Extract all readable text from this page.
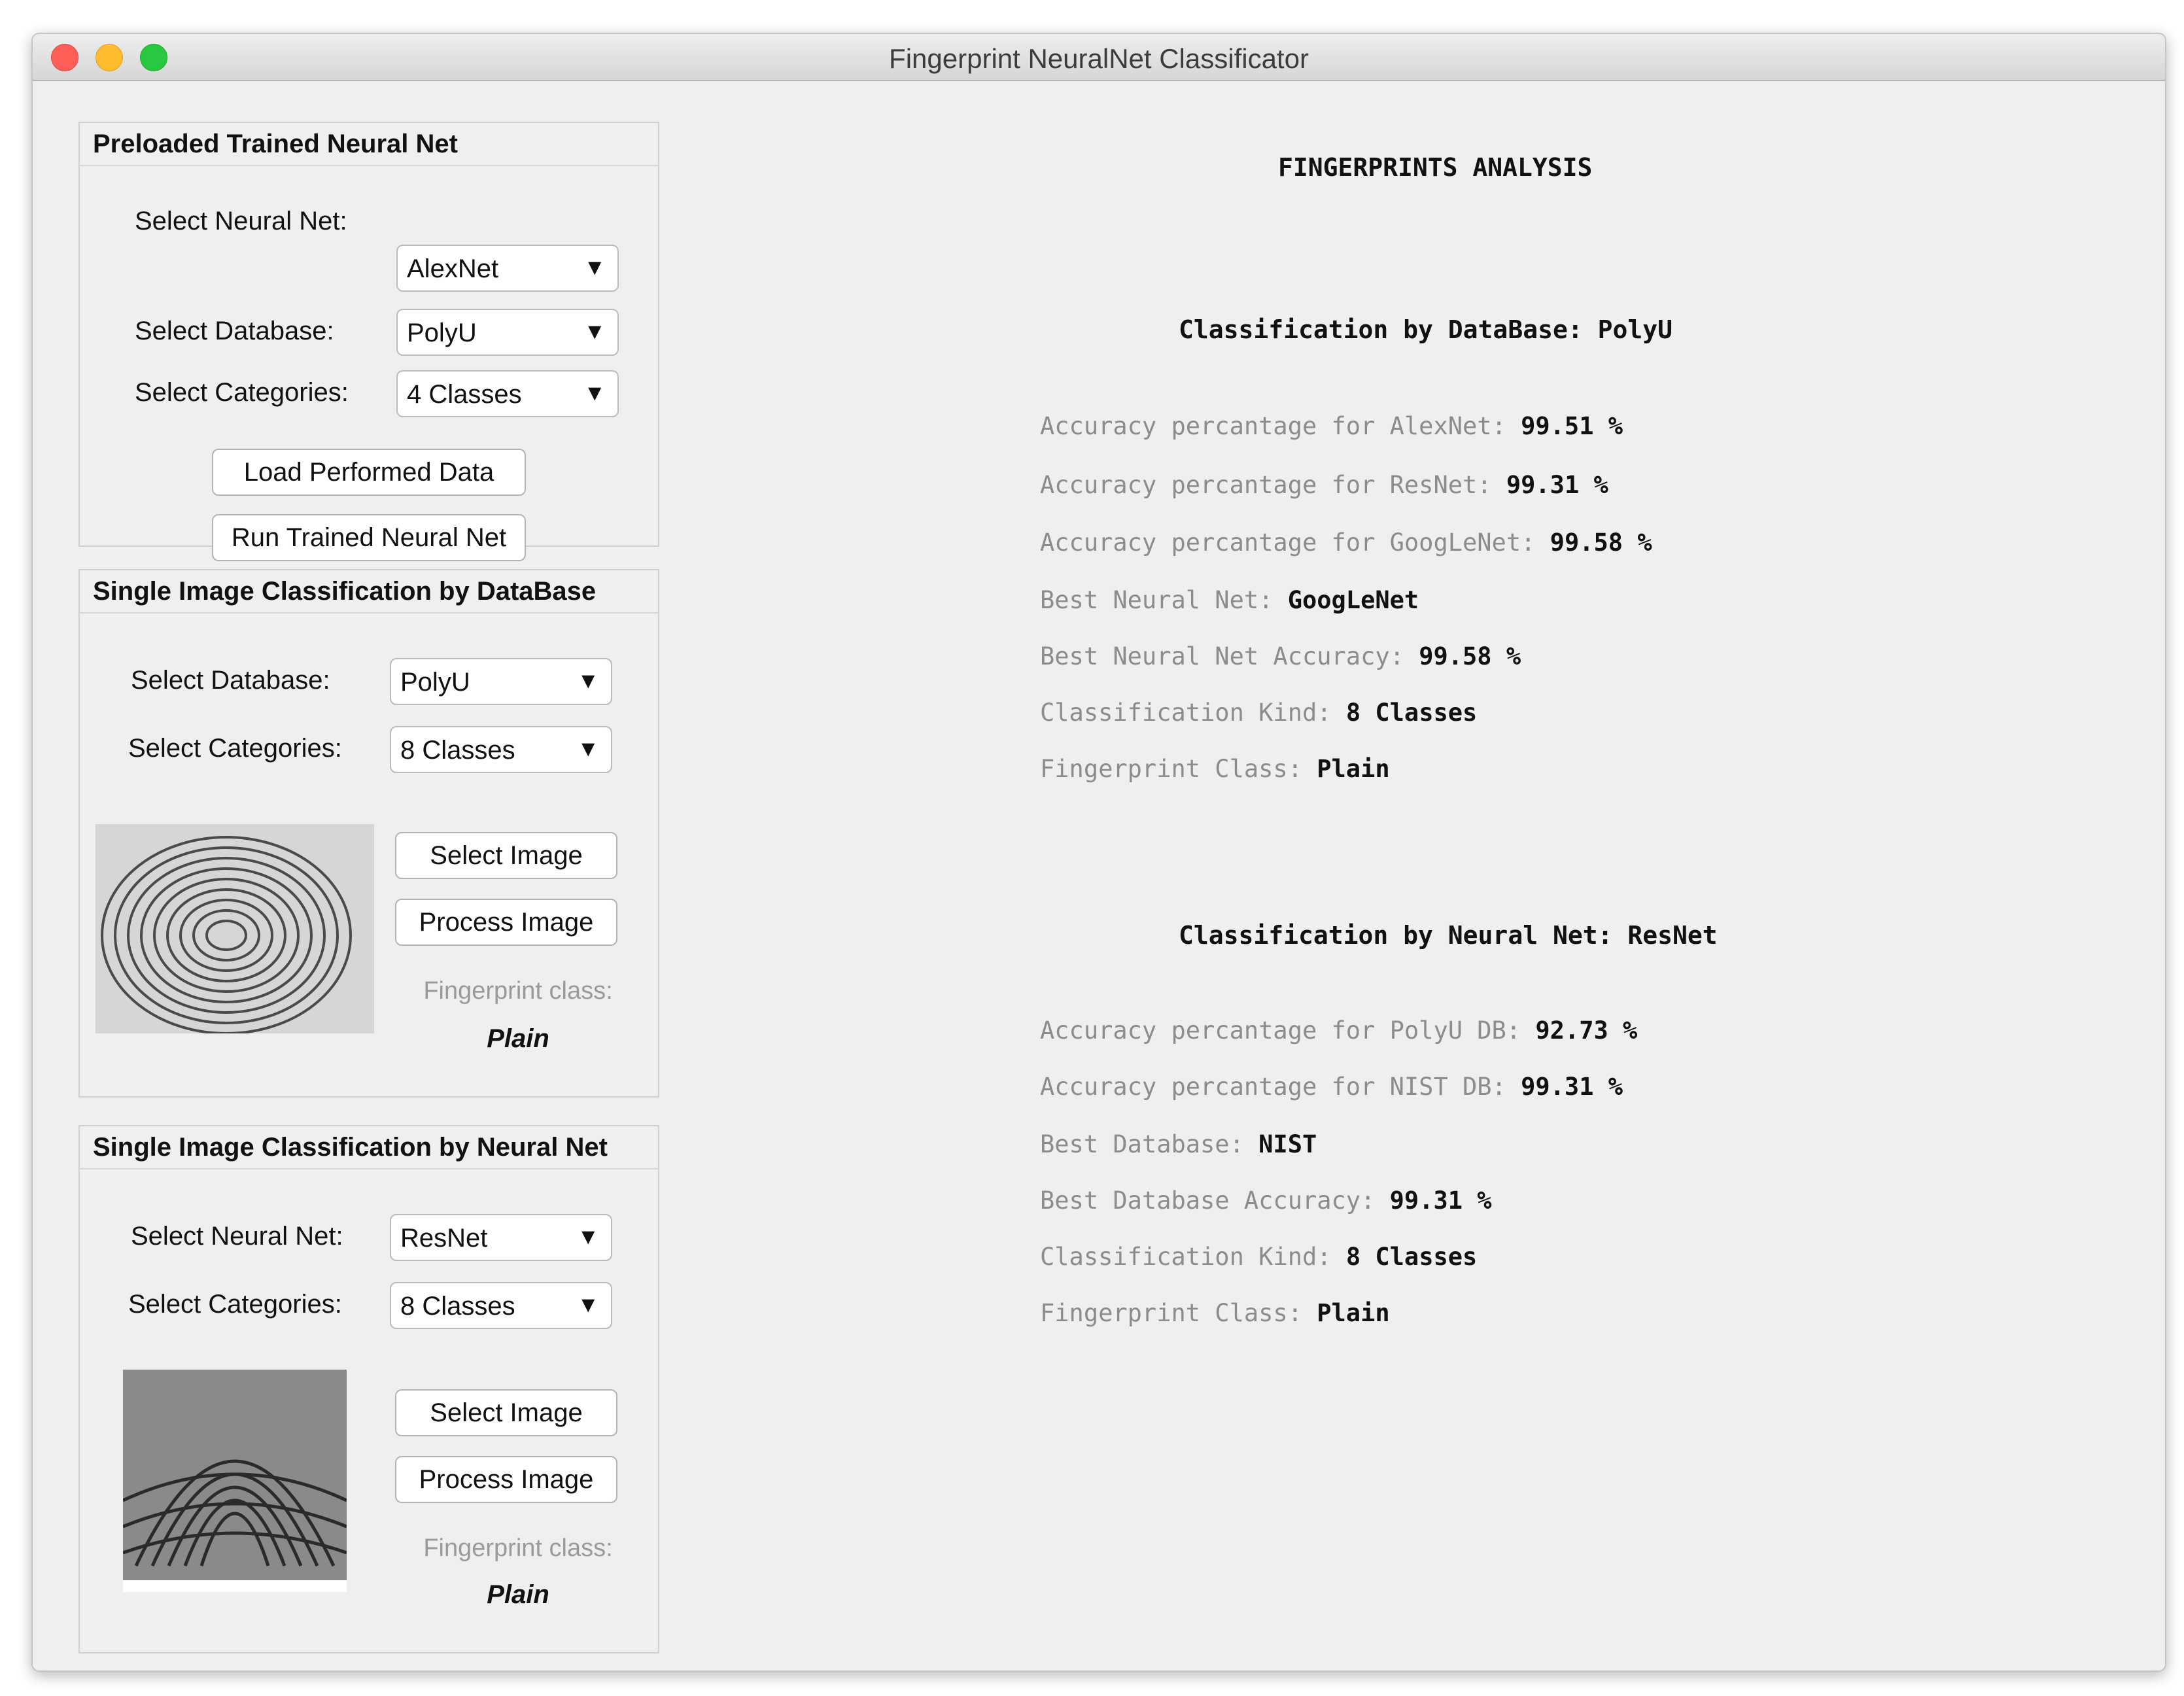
Fingerprint NeuralNet Classificator
Preloaded Trained Neural Net
Select Neural Net:
AlexNet	▼
Select Database:	PolyU	▼
Select Categories: 4 Classes	▼
Load Performed Data
Run Trained Neural Net
Single Image Classification by DataBase
Select Database:	PolyU	▼
Select Categories: 8 Classes	▼
Select Image
Process Image
Fingerprint class:
Plain
Single Image Classification by Neural Net
Select Neural Net: ResNet	▼
Select Categories: 8 Classes	▼
Select Image
Process Image
Fingerprint class:
Plain
FINGERPRINTS ANALYSIS
Classification by DataBase: PolyU
Accuracy percantage for AlexNet: 99.51 %
Accuracy percantage for ResNet: 99.31 %
Accuracy percantage for GoogLeNet: 99.58 %
Best Neural Net: GoogLeNet
Best Neural Net Accuracy: 99.58 %
Classification Kind: 8 Classes
Fingerprint Class: Plain
Classification by Neural Net: ResNet
Accuracy percantage for PolyU DB: 92.73 %
Accuracy percantage for NIST DB: 99.31 %
Best Database: NIST
Best Database Accuracy: 99.31 %
Classification Kind: 8 Classes
Fingerprint Class: Plain
